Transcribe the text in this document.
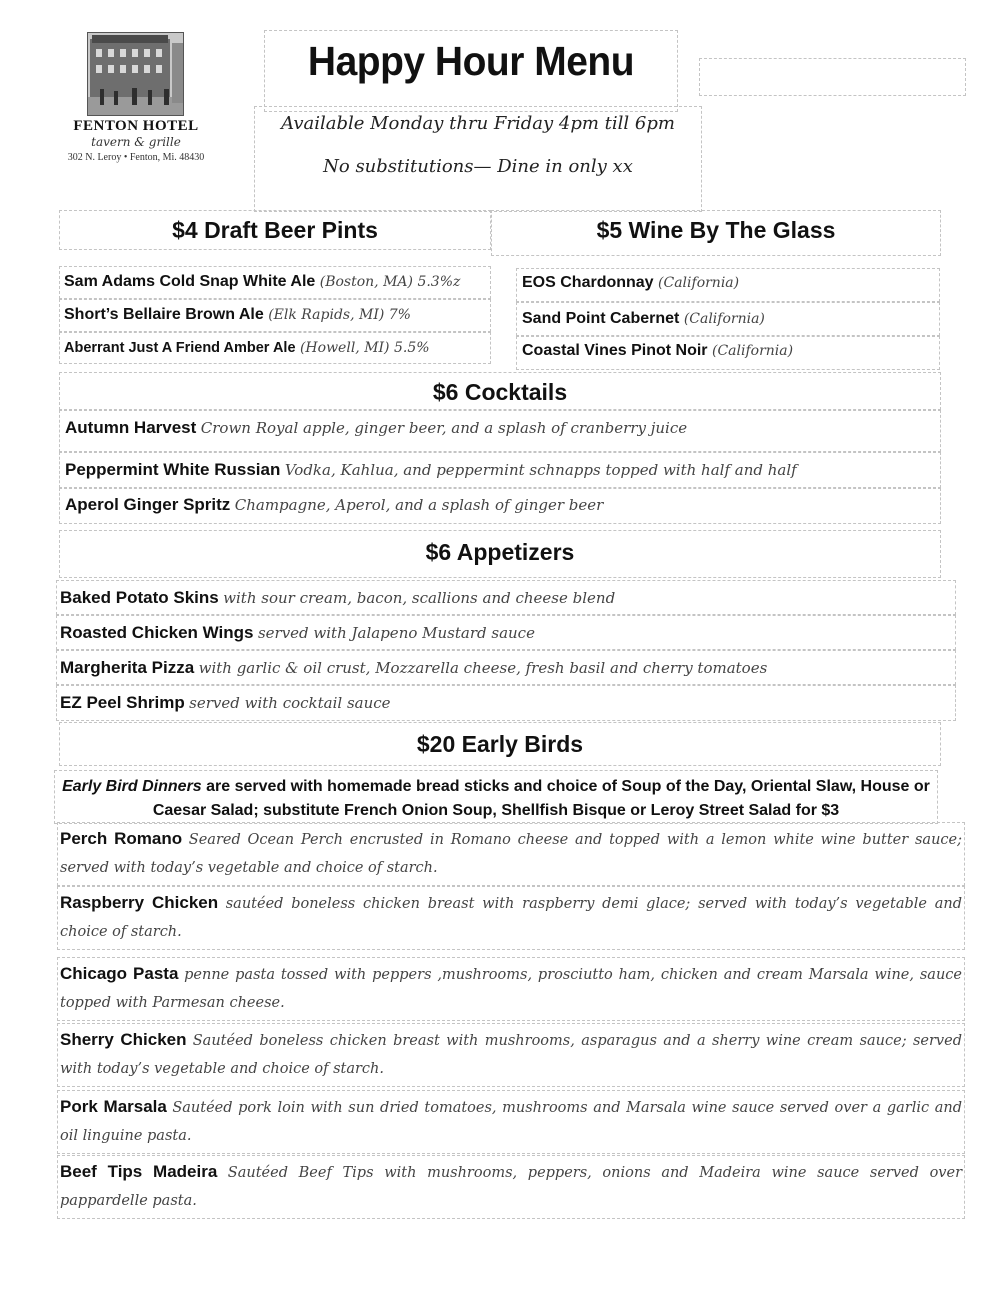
FENTON HOTEL
tavern & grille
302 N. Leroy • Fenton, Mi. 48430
Happy Hour Menu
Available Monday thru Friday 4pm till 6pm
No substitutions— Dine in only xx
$4 Draft Beer Pints	$5 Wine By The Glass
Sam Adams Cold Snap White Ale (Boston, MA) 5.3%z
Short’s Bellaire Brown Ale (Elk Rapids, MI) 7%
Aberrant Just A Friend Amber Ale (Howell, MI) 5.5%
EOS Chardonnay (California)
Sand Point Cabernet (California)
Coastal Vines Pinot Noir (California)
$6 Cocktails
Autumn Harvest Crown Royal apple, ginger beer, and a splash of cranberry juice
Peppermint White Russian Vodka, Kahlua, and peppermint schnapps topped with half and half
Aperol Ginger Spritz Champagne, Aperol, and a splash of ginger beer
$6 Appetizers
Baked Potato Skins with sour cream, bacon, scallions and cheese blend
Roasted Chicken Wings served with Jalapeno Mustard sauce
Margherita Pizza with garlic & oil crust, Mozzarella cheese, fresh basil and cherry tomatoes
EZ Peel Shrimp served with cocktail sauce
$20 Early Birds
Early Bird Dinners are served with homemade bread sticks and choice of Soup of the Day, Oriental Slaw, House or Caesar Salad; substitute French Onion Soup, Shellfish Bisque or Leroy Street Salad for $3
Perch Romano Seared Ocean Perch encrusted in Romano cheese and topped with a lemon white wine butter sauce; served with today’s vegetable and choice of starch.
Raspberry Chicken sautéed boneless chicken breast with raspberry demi glace; served with today’s vegetable and choice of starch.
Chicago Pasta penne pasta tossed with peppers ,mushrooms, prosciutto ham, chicken and cream Marsala wine, sauce topped with Parmesan cheese.
Sherry Chicken Sautéed boneless chicken breast with mushrooms, asparagus and a sherry wine cream sauce; served with today’s vegetable and choice of starch.
Pork Marsala Sautéed pork loin with sun dried tomatoes, mushrooms and Marsala wine sauce served over a garlic and oil linguine pasta.
Beef Tips Madeira Sautéed Beef Tips with mushrooms, peppers, onions and Madeira wine sauce served over pappardelle pasta.
